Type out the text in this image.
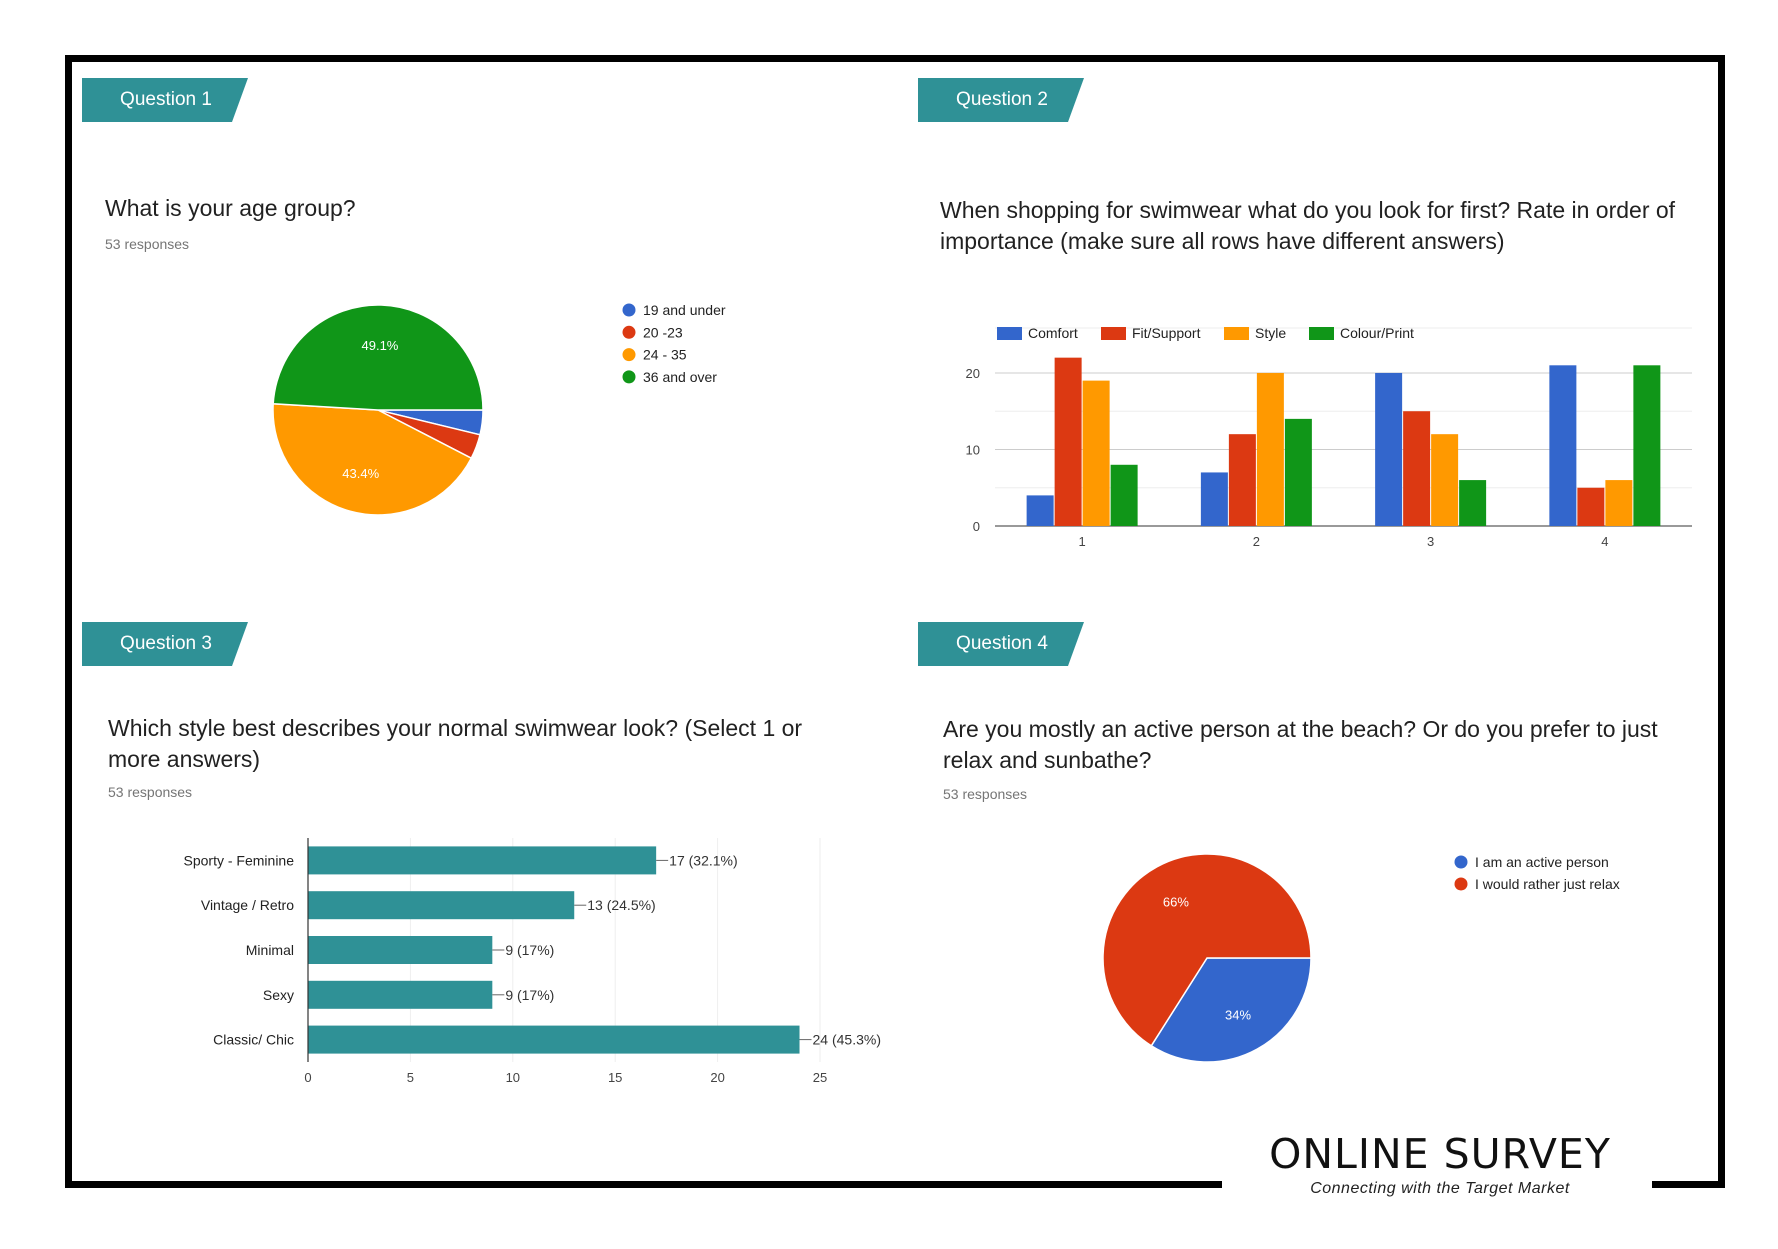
Question 1	Question 2
Question 3	Question 4
What is your age group?
53 responses
When shopping for swimwear what do you look for first? Rate in order of
importance (make sure all rows have different answers)
Which style best describes your normal swimwear look? (Select 1 or
more answers)
53 responses
Are you mostly an active person at the beach? Or do you prefer to just
relax and sunbathe?
53 responses
43.4%
49.1%
19 and under
20 -23
24 - 35
36 and over
0
10
20
1	2	3	4
Comfort	Fit/Support	Style	Colour/Print
0	5	10	15	20	25
Sporty - Feminine	17 (32.1%)
Vintage / Retro	13 (24.5%)
Minimal	9 (17%)
Sexy	9 (17%)
Classic/ Chic	24 (45.3%)
34%
66%
I am an active person
I would rather just relax
ONLINE SURVEY
Connecting with the Target Market
